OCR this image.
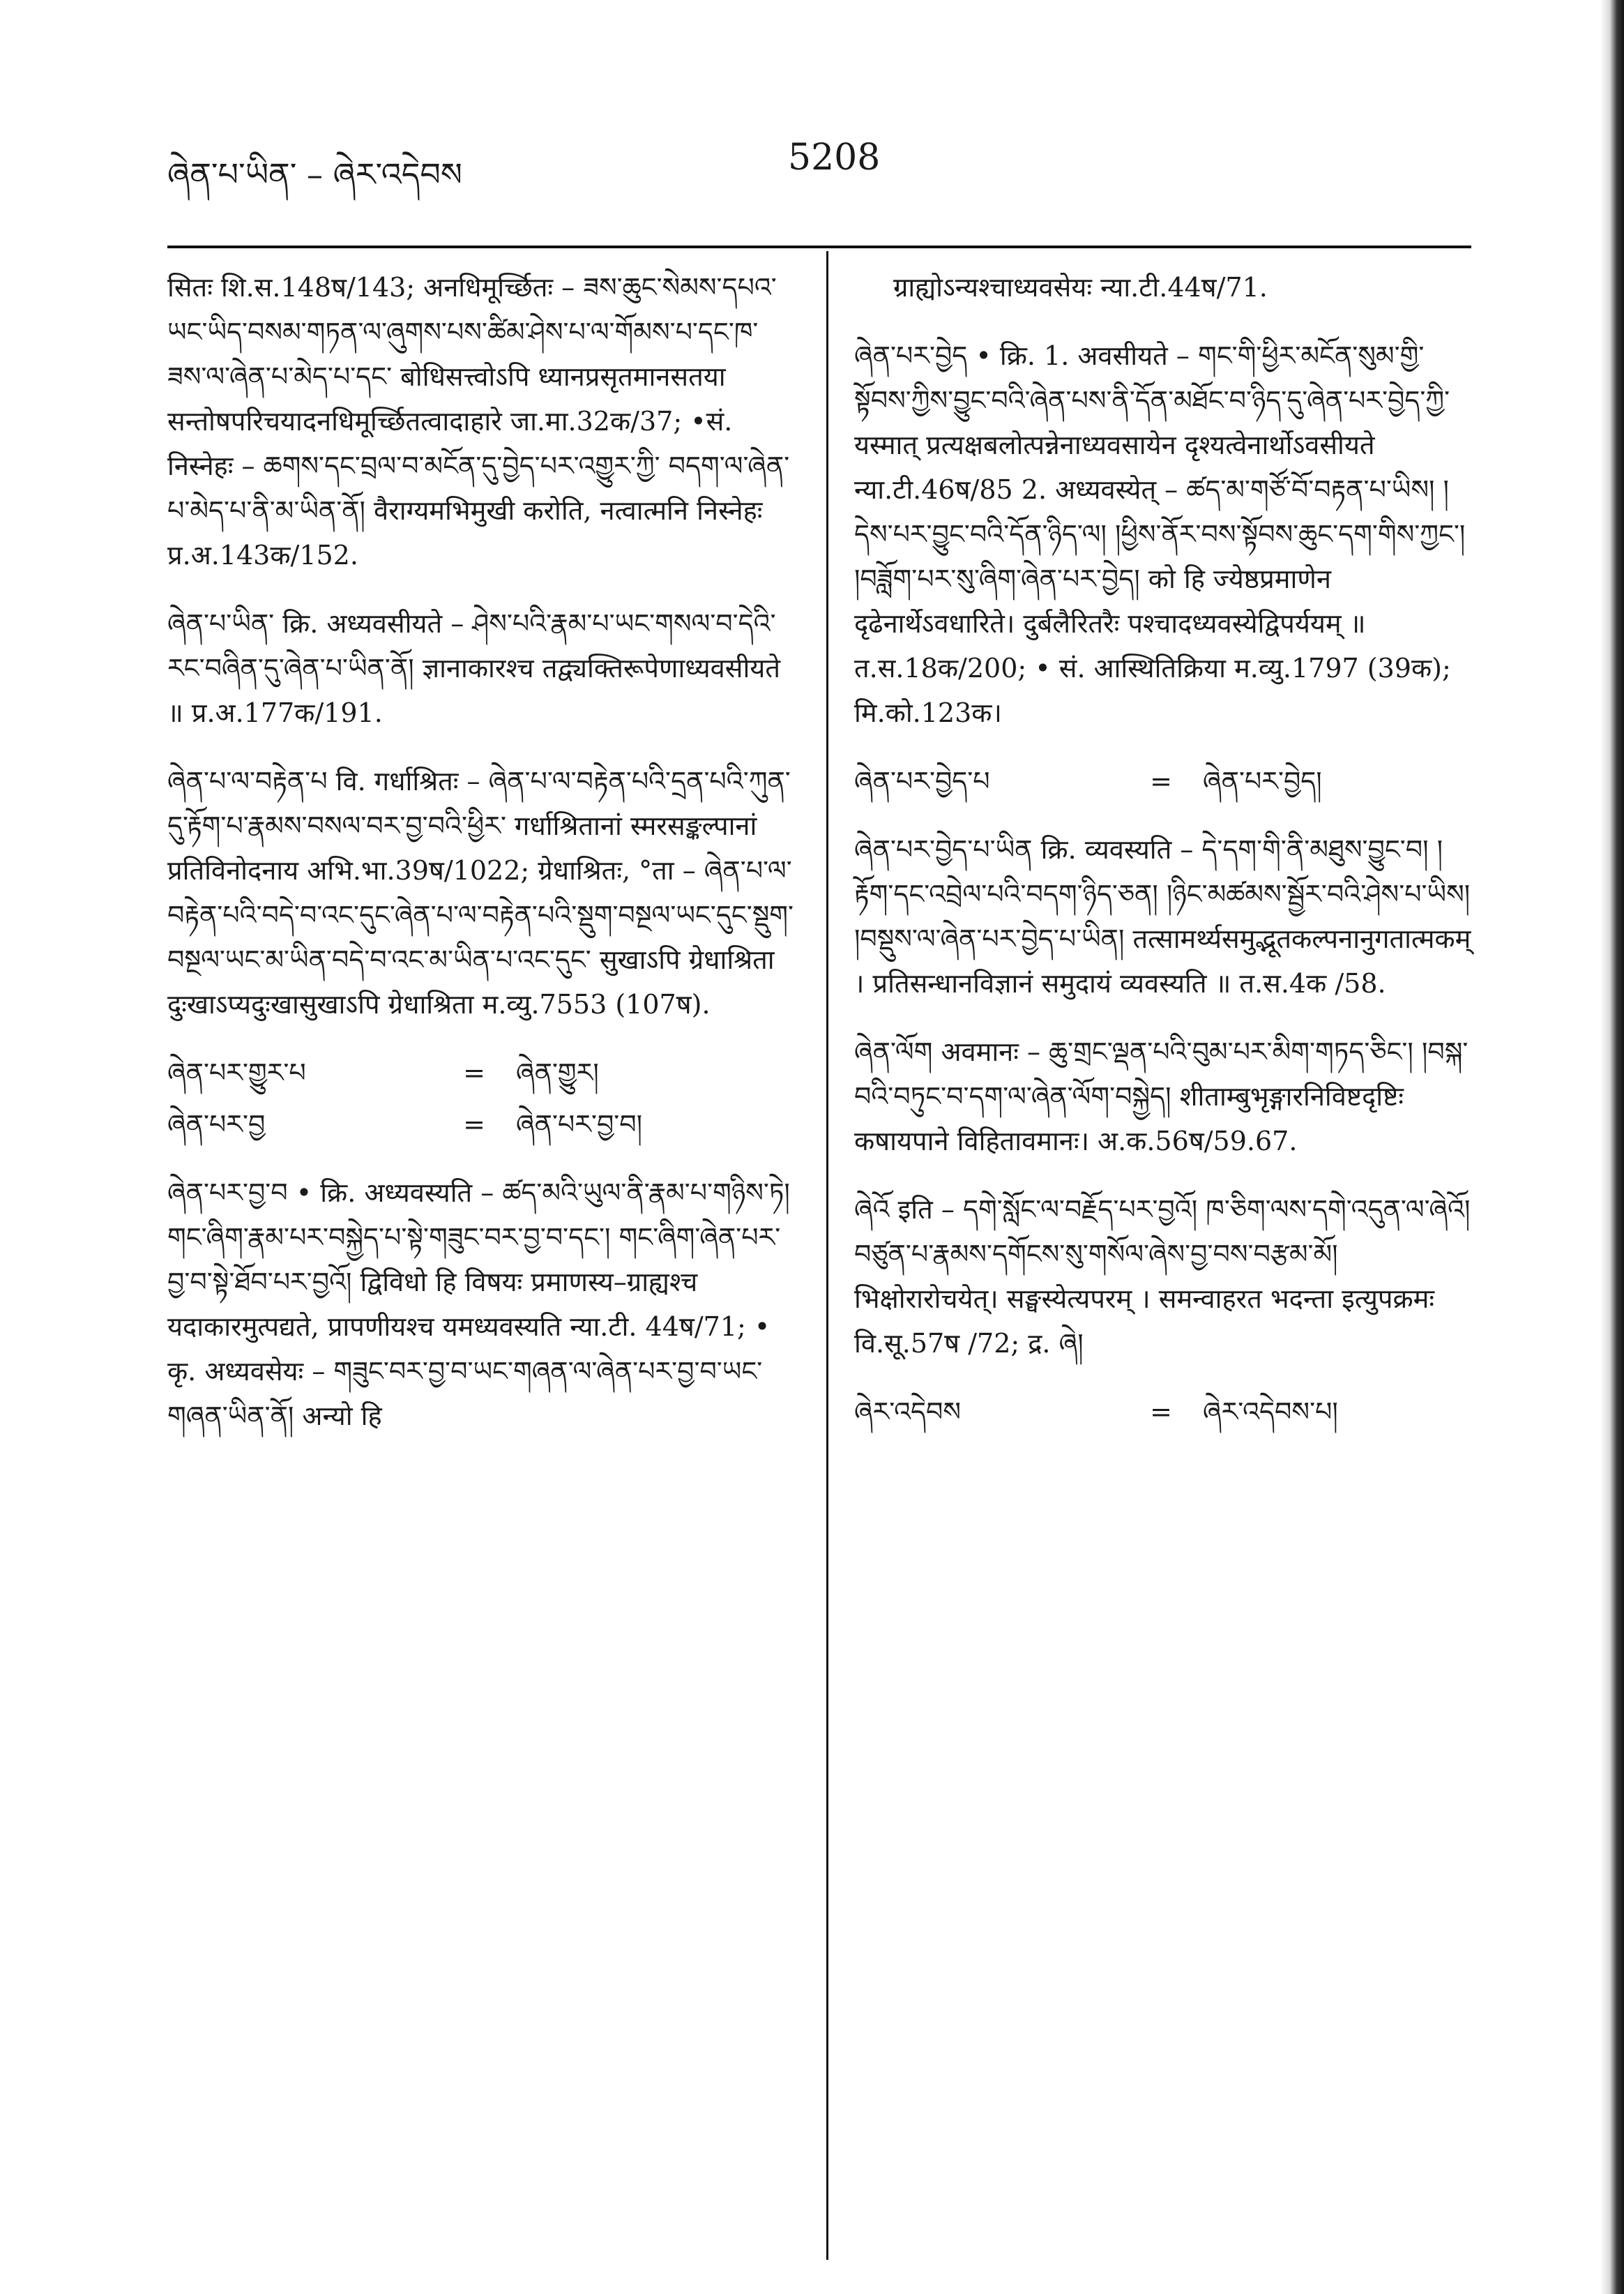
ཞེན་པ་ཡིན་ – ཞེར་འདེབས	5208

सितः शि.स.148ष/143; अनधिमूर्च्छितः – ཟས་ཆུང་སེམས་དཔའ་ཡང་ཡིད་བསམ་གཏན་ལ་ཞུགས་པས་ཚིམ་ཤེས་པ་ལ་གོམས་པ་དང་ཁ་ཟས་ལ་ཞེན་པ་མེད་པ་དང་ बोधिसत्त्वोऽपि ध्यानप्रसृतमानसतया सन्तोषपरिचयादनधिमूर्च्छितत्वादाहारे जा.मा.32क/37; •सं. निस्नेहः – ཆགས་དང་བྲལ་བ་མངོན་དུ་བྱེད་པར་འགྱུར་ཀྱི་ བདག་ལ་ཞེན་པ་མེད་པ་ནི་མ་ཡིན་ནོ། वैराग्यमभिमुखी करोति, नत्वात्मनि निस्नेहः प्र.अ.143क/152.

ཞེན་པ་ཡིན་ क्रि. अध्यवसीयते – ཤེས་པའི་རྣམ་པ་ཡང་གསལ་བ་དེའི་རང་བཞིན་དུ་ཞེན་པ་ཡིན་ནོ། ज्ञानाकारश्च तद्व्यक्तिरूपेणाध्यवसीयते ॥ प्र.अ.177क/191.

ཞེན་པ་ལ་བརྟེན་པ वि. गर्धाश्रितः – ཞེན་པ་ལ་བརྟེན་པའི་དྲན་པའི་ཀུན་དུ་རྟོག་པ་རྣམས་བསལ་བར་བྱ་བའི་ཕྱིར་ गर्धाश्रितानां स्मरसङ्कल्पानां प्रतिविनोदनाय अभि.भा.39ष/1022; ग्रेधाश्रितः, °ता – ཞེན་པ་ལ་བརྟེན་པའི་བདེ་བ་འང་དུང་ཞེན་པ་ལ་བརྟེན་པའི་སྡུག་བསྔལ་ཡང་དུང་སྡུག་བསྔལ་ཡང་མ་ཡིན་བདེ་བ་འང་མ་ཡིན་པ་འང་དུང་ सुखाऽपि ग्रेधाश्रिता दुःखाऽप्यदुःखासुखाऽपि ग्रेधाश्रिता म.व्यु.7553 (107ष).

ཞེན་པར་གྱུར་པ	=	ཞེན་གྱུར།
ཞེན་པར་བྱ	=	ཞེན་པར་བྱ་བ།

ཞེན་པར་བྱ་བ • क्रि. अध्यवस्यति – ཚད་མའི་ཡུལ་ནི་རྣམ་པ་གཉིས་ཏེ། གང་ཞིག་རྣམ་པར་བསྐྱེད་པ་སྟེ་གཟུང་བར་བྱ་བ་དང་། གང་ཞིག་ཞེན་པར་བྱ་བ་སྟེ་ཐོབ་པར་བྱའོ། द्विविधो हि विषयः प्रमाणस्य–ग्राह्यश्च यदाकारमुत्पद्यते, प्रापणीयश्च यमध्यवस्यति न्या.टी. 44ष/71; • कृ. अध्यवसेयः – གཟུང་བར་བྱ་བ་ཡང་གཞན་ལ་ཞེན་པར་བྱ་བ་ཡང་གཞན་ཡིན་ནོ། अन्यो हि

ग्राह्योऽन्यश्चाध्यवसेयः न्या.टी.44ष/71.

ཞེན་པར་བྱེད • क्रि. 1. अवसीयते – གང་གི་ཕྱིར་མངོན་སུམ་གྱི་སྟོབས་ཀྱིས་བྱུང་བའི་ཞེན་པས་ནི་དོན་མཐོང་བ་ཉིད་དུ་ཞེན་པར་བྱེད་ཀྱི་ यस्मात् प्रत्यक्षबलोत्पन्नेनाध्यवसायेन दृश्यत्वेनार्थोऽवसीयते न्या.टी.46ष/85 2. अध्यवस्येत् – ཚད་མ་གཙོ་བོ་བརྟན་པ་ཡིས། །དེས་པར་བྱུང་བའི་དོན་ཉིད་ལ། །ཕྱིས་ནོར་བས་སྟོབས་ཆུང་དག་གིས་ཀྱང་། །བཟློག་པར་སུ་ཞིག་ཞེན་པར་བྱེད། को हि ज्येष्ठप्रमाणेन दृढेनार्थेऽवधारिते। दुर्बलैरितरैः पश्चादध्यवस्येद्विपर्ययम् ॥ त.स.18क/200; • सं. आस्थितिक्रिया म.व्यु.1797 (39क); मि.को.123क।

ཞེན་པར་བྱེད་པ	=	ཞེན་པར་བྱེད།

ཞེན་པར་བྱེད་པ་ཡིན क्रि. व्यवस्यति – དེ་དག་གི་ནི་མཐུས་བྱུང་བ། །རྟོག་དང་འབྲེལ་པའི་བདག་ཉིད་ཅན། །ཉིང་མཚམས་སྦྱོར་བའི་ཤེས་པ་ཡིས། །བསྡུས་ལ་ཞེན་པར་བྱེད་པ་ཡིན། तत्सामर्थ्यसमुद्भूतकल्पनानुगतात्मकम् । प्रतिसन्धानविज्ञानं समुदायं व्यवस्यति ॥ त.स.4क /58.

ཞེན་ལོག अवमानः – ཆུ་གྲང་ལྡན་པའི་བུམ་པར་མིག་གཏད་ཅིང་། །བསྐ་བའི་བཏུང་བ་དག་ལ་ཞེན་ལོག་བསྐྱེད། शीताम्बुभृङ्गारनिविष्टदृष्टिः कषायपाने विहितावमानः। अ.क.56ष/59.67.

ཞེའོ इति – དགེ་སློང་ལ་བརྗོད་པར་བྱའོ། ཁ་ཅིག་ལས་དགེ་འདུན་ལ་ཞེའོ། བཙུན་པ་རྣམས་དགོངས་སུ་གསོལ་ཞེས་བྱ་བས་བརྩམ་མོ། भिक्षोरारोचयेत्। सङ्घस्येत्यपरम् । समन्वाहरत भदन्ता इत्युपक्रमः वि.सू.57ष /72; द्र. ཞེ།

ཞེར་འདེབས	=	ཞེར་འདེབས་པ།
